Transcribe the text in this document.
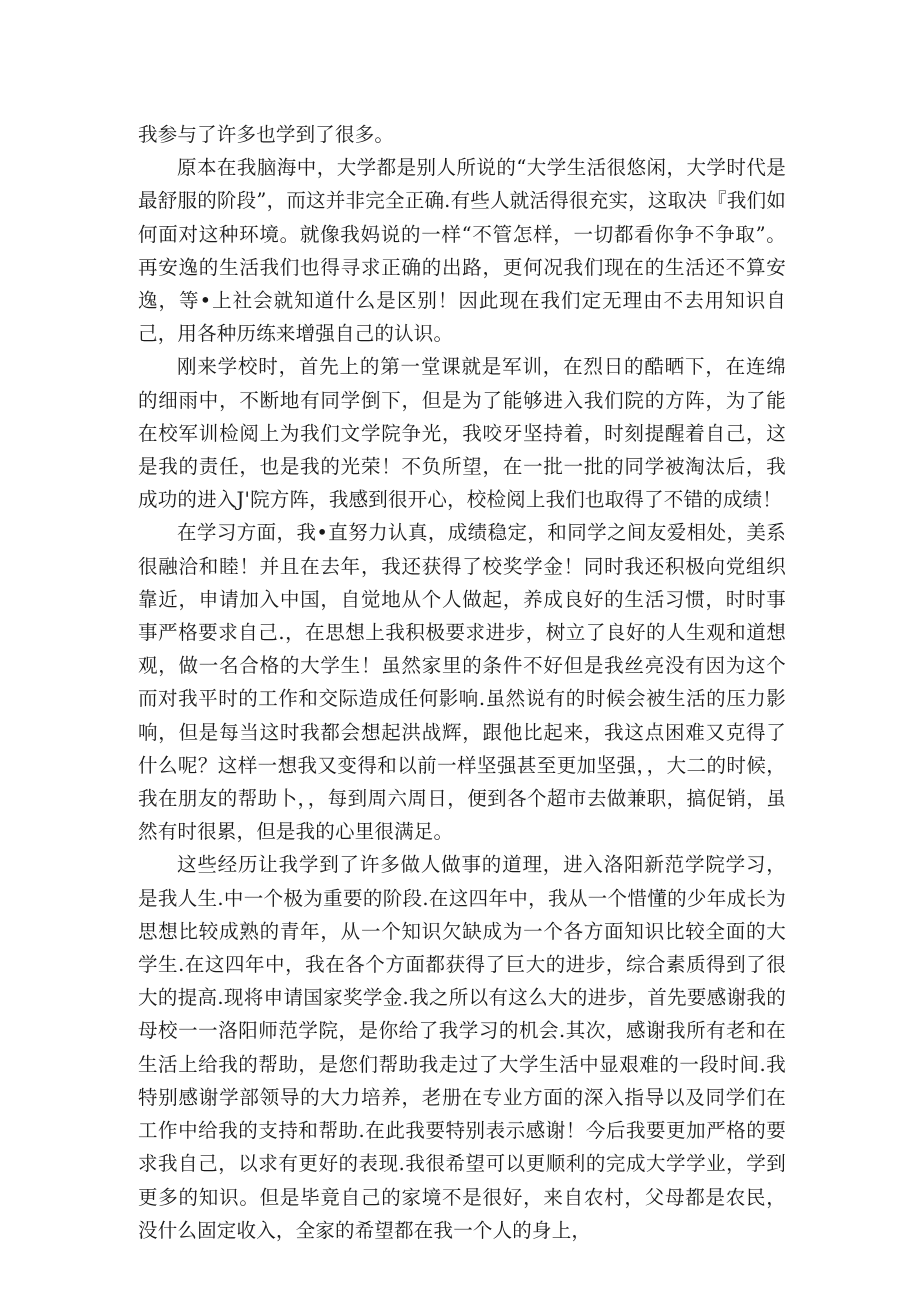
我参与了许多也学到了很多。

原本在我脑海中，大学都是别人所说的“大学生活很悠闲，大学时代是最舒服的阶段”，而这并非完全正确.有些人就活得很充实，这取决『我们如何面对这种环境。就像我妈说的一样“不管怎样，一切都看你争不争取”。再安逸的生活我们也得寻求正确的出路，更何况我们现在的生活还不算安逸，等•上社会就知道什么是区别！因此现在我们定无理由不去用知识自己，用各种历练来增强自己的认识。

刚来学校时，首先上的第一堂课就是军训，在烈日的酷晒下，在连绵的细雨中，不断地有同学倒下，但是为了能够进入我们院的方阵，为了能在校军训检阅上为我们文学院争光，我咬牙坚持着，时刻提醒着自己，这是我的责任，也是我的光荣！不负所望，在一批一批的同学被淘汰后，我成功的进入J'院方阵，我感到很开心，校检阅上我们也取得了不错的成绩！

在学习方面，我•直努力认真，成绩稳定，和同学之间友爱相处，美系很融洽和睦！并且在去年，我还获得了校奖学金！同时我还积极向党组织靠近，申请加入中国，自觉地从个人做起，养成良好的生活习惯，时时事事严格要求自己.，在思想上我积极要求进步，树立了良好的人生观和道想观，做一名合格的大学生！虽然家里的条件不好但是我丝亮没有因为这个而对我平时的工作和交际造成任何影响.虽然说有的时候会被生活的压力影响，但是每当这时我都会想起洪战辉，跟他比起来，我这点困难又克得了什么呢？这样一想我又变得和以前一样坚强甚至更加坚强，，大二的时候，我在朋友的帮助卜，，每到周六周日，便到各个超市去做兼职，搞促销，虽然有时很累，但是我的心里很满足。

这些经历让我学到了许多做人做事的道理，进入洛阳新范学院学习，是我人生.中一个极为重要的阶段.在这四年中，我从一个惜懂的少年成长为思想比较成熟的青年，从一个知识欠缺成为一个各方面知识比较全面的大学生.在这四年中，我在各个方面都获得了巨大的进步，综合素质得到了很大的提高.现将申请国家奖学金.我之所以有这么大的进步，首先要感谢我的母校一一洛阳师范学院，是你给了我学习的机会.其次，感谢我所有老和在生活上给我的帮助，是您们帮助我走过了大学生活中显艰难的一段时间.我特别感谢学部领导的大力培养，老册在专业方面的深入指导以及同学们在工作中给我的支持和帮助.在此我要特别表示感谢！今后我要更加严格的要求我自己，以求有更好的表现.我很希望可以更顺利的完成大学学业，学到更多的知识。但是毕竟自己的家境不是很好，来自农村，父母都是农民，没什么固定收入，全家的希望都在我一个人的身上，
